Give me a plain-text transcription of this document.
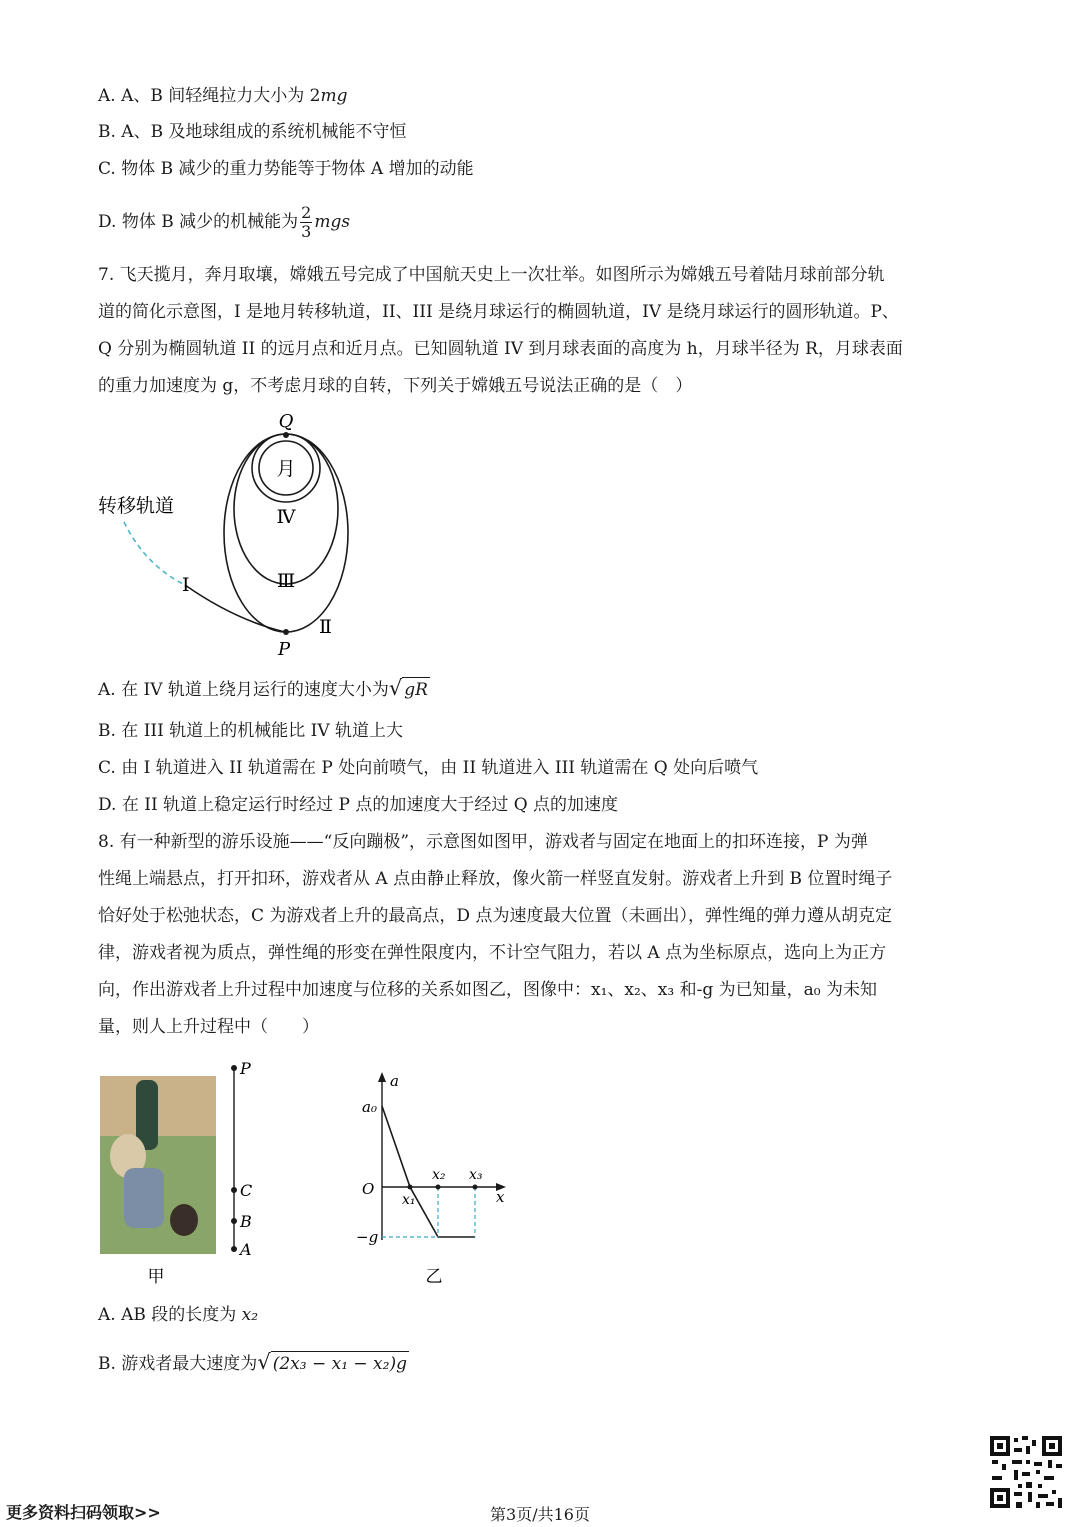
A. A、B 间轻绳拉力大小为 2mg
B. A、B 及地球组成的系统机械能不守恒
C. 物体 B 减少的重力势能等于物体 A 增加的动能
D. 物体 B 减少的机械能为 $\frac{2}{3}$ mgs
7. 飞天揽月，奔月取壤，嫦娥五号完成了中国航天史上一次壮举。如图所示为嫦娥五号着陆月球前部分轨
道的简化示意图，I 是地月转移轨道，II、III 是绕月球运行的椭圆轨道，IV 是绕月球运行的圆形轨道。P、
Q 分别为椭圆轨道 II 的远月点和近月点。已知圆轨道 IV 到月球表面的高度为 h，月球半径为 R，月球表面
的重力加速度为 g，不考虑月球的自转，下列关于嫦娥五号说法正确的是（　）
月
Q
P
转移轨道
I
Ⅱ
Ⅲ
Ⅳ
A. 在 IV 轨道上绕月运行的速度大小为√ gR
B. 在 III 轨道上的机械能比 IV 轨道上大
C. 由 I 轨道进入 II 轨道需在 P 处向前喷气，由 II 轨道进入 III 轨道需在 Q 处向后喷气
D. 在 II 轨道上稳定运行时经过 P 点的加速度大于经过 Q 点的加速度
8. 有一种新型的游乐设施——“反向蹦极”，示意图如图甲，游戏者与固定在地面上的扣环连接，P 为弹
性绳上端悬点，打开扣环，游戏者从 A 点由静止释放，像火箭一样竖直发射。游戏者上升到 B 位置时绳子
恰好处于松弛状态，C 为游戏者上升的最高点，D 点为速度最大位置（未画出），弹性绳的弹力遵从胡克定
律，游戏者视为质点，弹性绳的形变在弹性限度内，不计空气阻力，若以 A 点为坐标原点，选向上为正方
向，作出游戏者上升过程中加速度与位移的关系如图乙，图像中：x₁、x₂、x₃ 和-g 为已知量，a₀ 为未知
量，则人上升过程中（　　）
P
C
B
A
甲
a
a₀
O	x
x₁
x₂ x₃
−g
乙
A. AB 段的长度为 x₂
B. 游戏者最大速度为√ (2x₃ − x₁ − x₂)g
更多资料扫码领取>>	第3页/共16页
